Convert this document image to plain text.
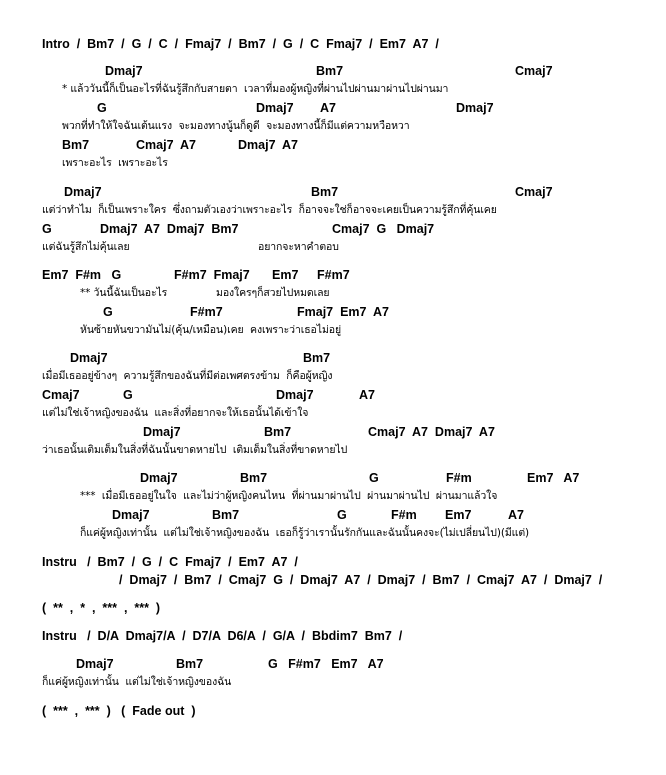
Intro  /  Bm7  /  G  /  C  /  Fmaj7  /  Bm7  /  G  /  C  Fmaj7  /  Em7  A7  /
Dmaj7	Bm7	Cmaj7
* แล้ววันนี้ก็เป็นอะไรที่ฉันรู้สึกกับสายตา  เวลาที่มองผู้หญิงที่ผ่านไปผ่านมาผ่านไปผ่านมา
G	Dmaj7 A7	Dmaj7
พวกที่ทำให้ใจฉันเต้นแรง  จะมองทางนู้นก็ดูดี  จะมองทางนี้ก็มีแต่ความหวือหวา
Bm7	Cmaj7  A7	Dmaj7  A7
เพราะอะไร  เพราะอะไร
Dmaj7	Bm7	Cmaj7
แต่ว่าทำไม  ก็เป็นเพราะใคร  ซึ่งถามตัวเองว่าเพราะอะไร  ก็อาจจะใช่ก็อาจจะเคยเป็นความรู้สึกที่คุ้นเคย
G	Dmaj7  A7  Dmaj7  Bm7	Cmaj7  G   Dmaj7
แต่ฉันรู้สึกไม่คุ้นเลย	อยากจะหาคำตอบ
Em7  F#m   G	F#m7  Fmaj7 Em7 F#m7
** วันนี้ฉันเป็นอะไร	มองใครๆก็สวยไปหมดเลย
G	F#m7	Fmaj7  Em7  A7
หันซ้ายหันขวามันไม่(คุ้น/เหมือน)เคย  คงเพราะว่าเธอไม่อยู่
Dmaj7	Bm7
เมื่อมีเธออยู่ข้างๆ  ความรู้สึกของฉันที่มีต่อเพศตรงข้าม  ก็คือผู้หญิง
Cmaj7	G	Dmaj7	A7
แต่ไม่ใช่เจ้าหญิงของฉัน  และสิ่งที่อยากจะให้เธอนั้นได้เข้าใจ
Dmaj7	Bm7	Cmaj7  A7  Dmaj7  A7
ว่าเธอนั้นเติมเต็มในสิ่งที่ฉันนั้นขาดหายไป  เติมเต็มในสิ่งที่ขาดหายไป
Dmaj7	Bm7	G	F#m	Em7   A7
***  เมื่อมีเธออยู่ในใจ  และไม่ว่าผู้หญิงคนไหน  ที่ผ่านมาผ่านไป  ผ่านมาผ่านไป  ผ่านมาแล้วใจ
Dmaj7	Bm7	G	F#m Em7	A7
ก็แค่ผู้หญิงเท่านั้น  แต่ไม่ใช่เจ้าหญิงของฉัน  เธอก็รู้ว่าเรานั้นรักกันและฉันนั้นคงจะ(ไม่เปลี่ยนไป)(มีแต่)
Instru   /  Bm7  /  G  /  C  Fmaj7  /  Em7  A7  /
/  Dmaj7  /  Bm7  /  Cmaj7  G  /  Dmaj7  A7  /  Dmaj7  /  Bm7  /  Cmaj7  A7  /  Dmaj7  /
(  **  ,  *  ,  ***  ,  ***  )
Instru   /  D/A  Dmaj7/A  /  D7/A  D6/A  /  G/A  /  Bbdim7  Bm7  /
Dmaj7	Bm7	G   F#m7   Em7   A7
ก็แค่ผู้หญิงเท่านั้น  แต่ไม่ใช่เจ้าหญิงของฉัน
(  ***  ,  ***  )   (  Fade out  )
